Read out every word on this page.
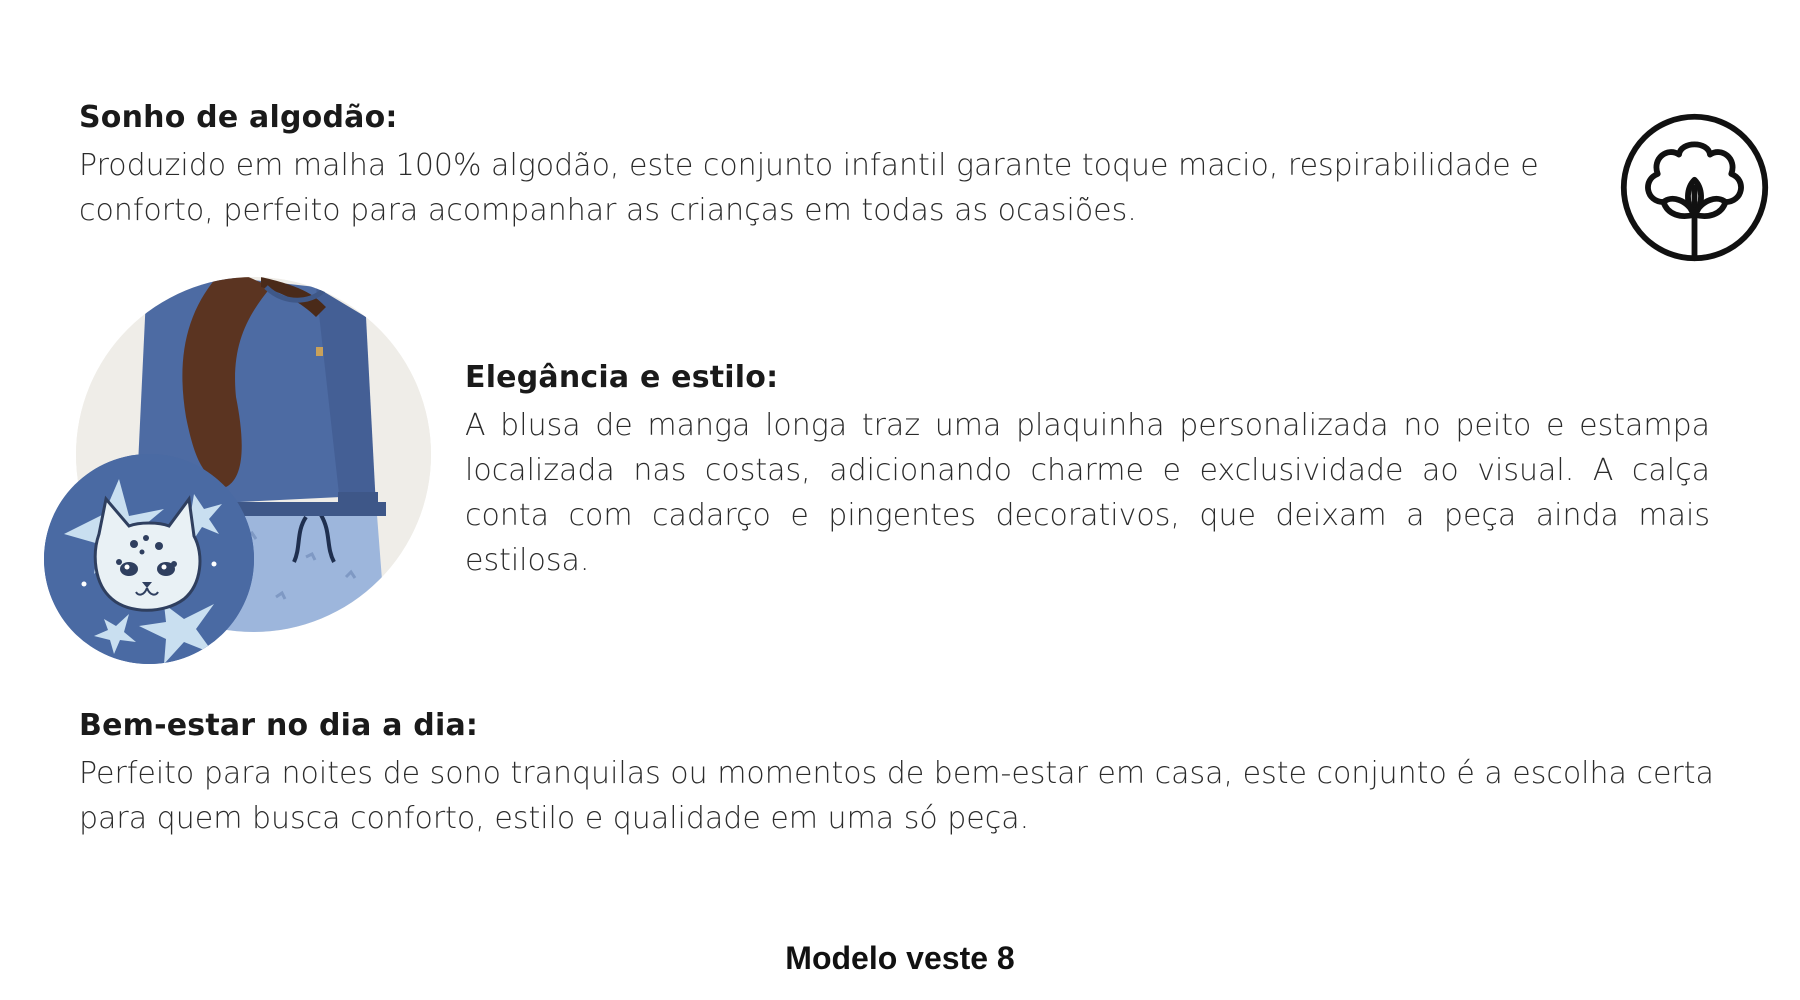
Sonho de algodão:

Produzido em malha 100% algodão, este conjunto infantil garante toque macio, respirabilidade e conforto, perfeito para acompanhar as crianças em todas as ocasiões.

Elegância e estilo:

A blusa de manga longa traz uma plaquinha personalizada no peito e estampa localizada nas costas, adicionando charme e exclusividade ao visual. A calça conta com cadarço e pingentes decorativos, que deixam a peça ainda mais estilosa.

Bem-estar no dia a dia:

Perfeito para noites de sono tranquilas ou momentos de bem-estar em casa, este conjunto é a escolha certa para quem busca conforto, estilo e qualidade em uma só peça.

Modelo veste 8
